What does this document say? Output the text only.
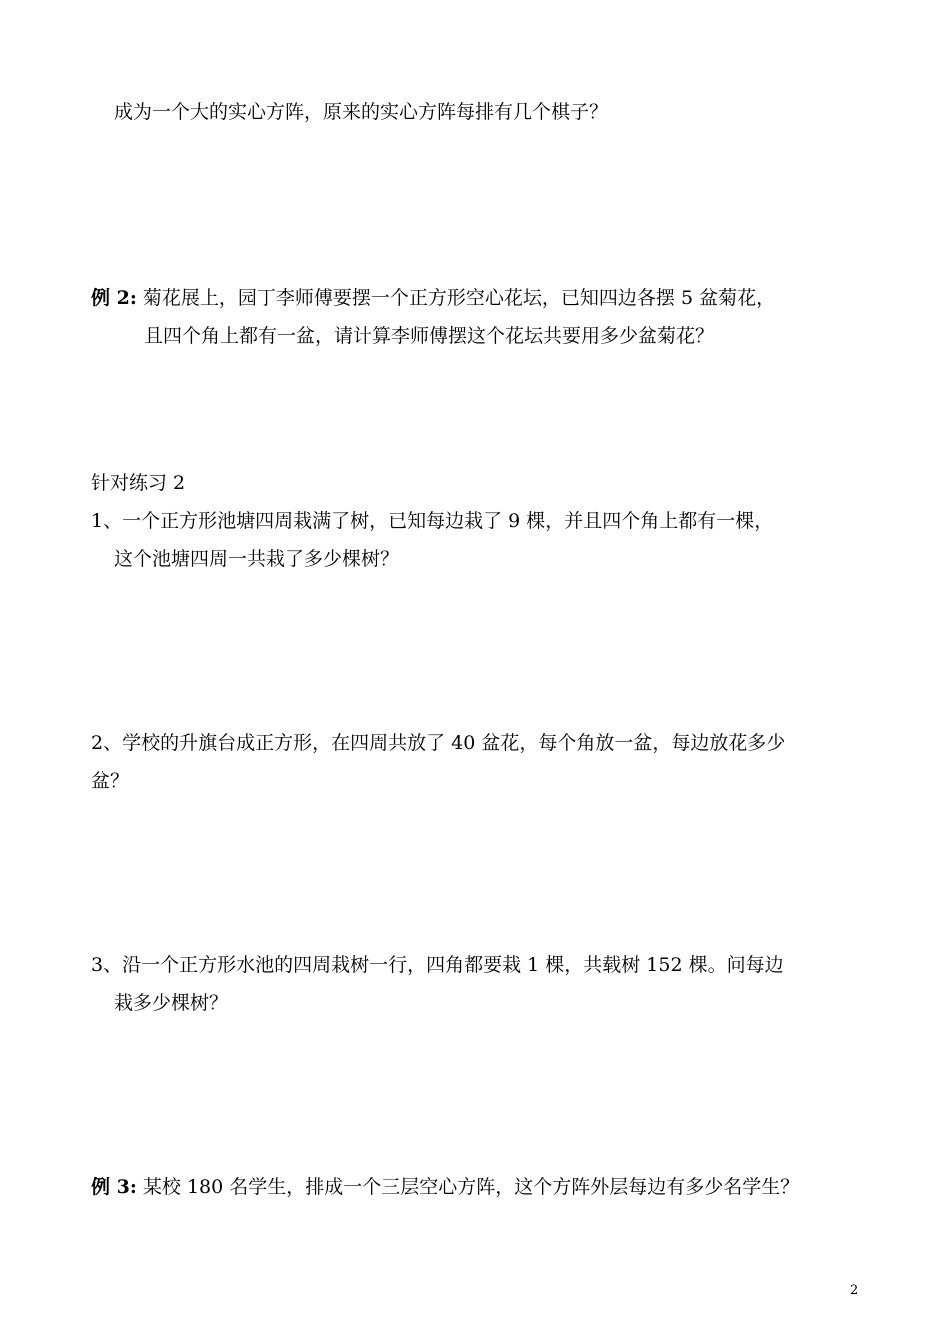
成为一个大的实心方阵，原来的实心方阵每排有几个棋子？
例 2: 菊花展上，园丁李师傅要摆一个正方形空心花坛，已知四边各摆 5 盆菊花，
且四个角上都有一盆，请计算李师傅摆这个花坛共要用多少盆菊花？
针对练习 2
1、一个正方形池塘四周栽满了树，已知每边栽了 9 棵，并且四个角上都有一棵，
这个池塘四周一共栽了多少棵树？
2、学校的升旗台成正方形，在四周共放了 40 盆花，每个角放一盆，每边放花多少
盆？
3、沿一个正方形水池的四周栽树一行，四角都要栽 1 棵，共载树 152 棵。问每边
栽多少棵树？
例 3: 某校 180 名学生，排成一个三层空心方阵，这个方阵外层每边有多少名学生？
2
